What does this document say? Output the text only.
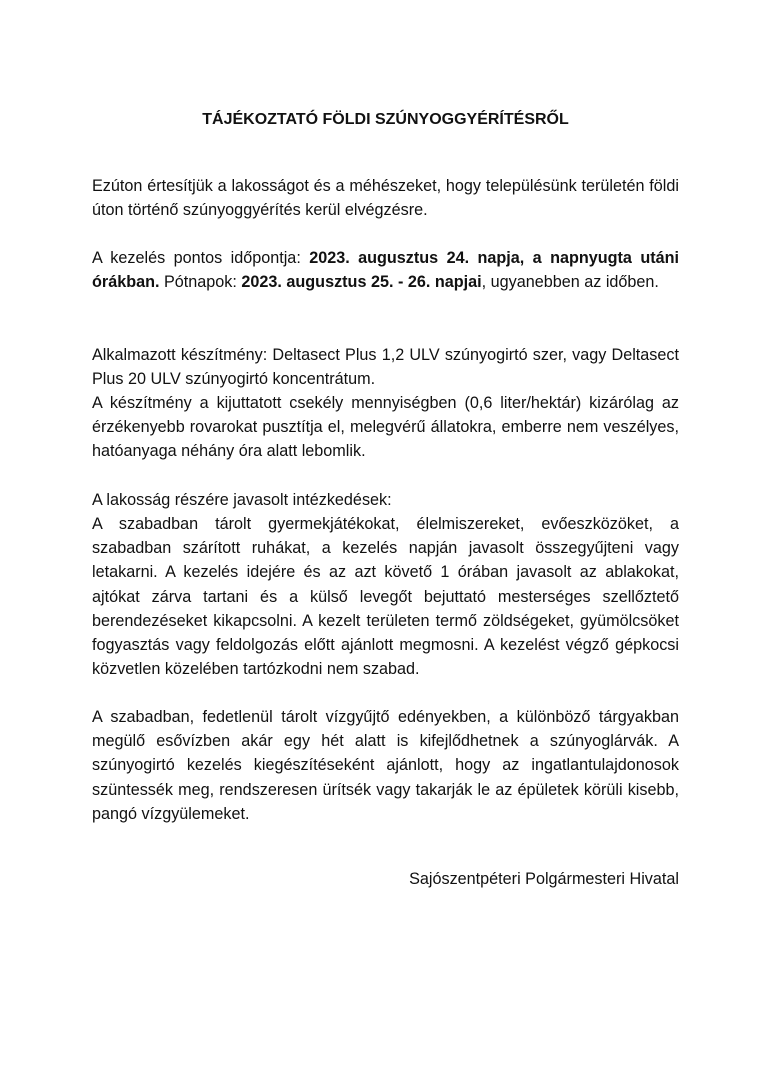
TÁJÉKOZTATÓ FÖLDI SZÚNYOGGYÉRÍTÉSRŐL

Ezúton értesítjük a lakosságot és a méhészeket, hogy településünk területén földi úton történő szúnyoggyérítés kerül elvégzésre.

A kezelés pontos időpontja: 2023. augusztus 24. napja, a napnyugta utáni órákban. Pótnapok: 2023. augusztus 25. - 26. napjai, ugyanebben az időben.

Alkalmazott készítmény: Deltasect Plus 1,2 ULV szúnyogirtó szer, vagy Deltasect Plus 20 ULV szúnyogirtó koncentrátum.

A készítmény a kijuttatott csekély mennyiségben (0,6 liter/hektár) kizárólag az érzékenyebb rovarokat pusztítja el, melegvérű állatokra, emberre nem veszélyes, hatóanyaga néhány óra alatt lebomlik.

A lakosság részére javasolt intézkedések:

A szabadban tárolt gyermekjátékokat, élelmiszereket, evőeszközöket, a szabadban szárított ruhákat, a kezelés napján javasolt összegyűjteni vagy letakarni. A kezelés idejére és az azt követő 1 órában javasolt az ablakokat, ajtókat zárva tartani és a külső levegőt bejuttató mesterséges szellőztető berendezéseket kikapcsolni. A kezelt területen termő zöldségeket, gyümölcsöket fogyasztás vagy feldolgozás előtt ajánlott megmosni. A kezelést végző gépkocsi közvetlen közelében tartózkodni nem szabad.

A szabadban, fedetlenül tárolt vízgyűjtő edényekben, a különböző tárgyakban megülő esővízben akár egy hét alatt is kifejlődhetnek a szúnyoglárvák. A szúnyogirtó kezelés kiegészítéseként ajánlott, hogy az ingatlantulajdonosok szüntessék meg, rendszeresen ürítsék vagy takarják le az épületek körüli kisebb, pangó vízgyülemeket.

Sajószentpéteri Polgármesteri Hivatal
